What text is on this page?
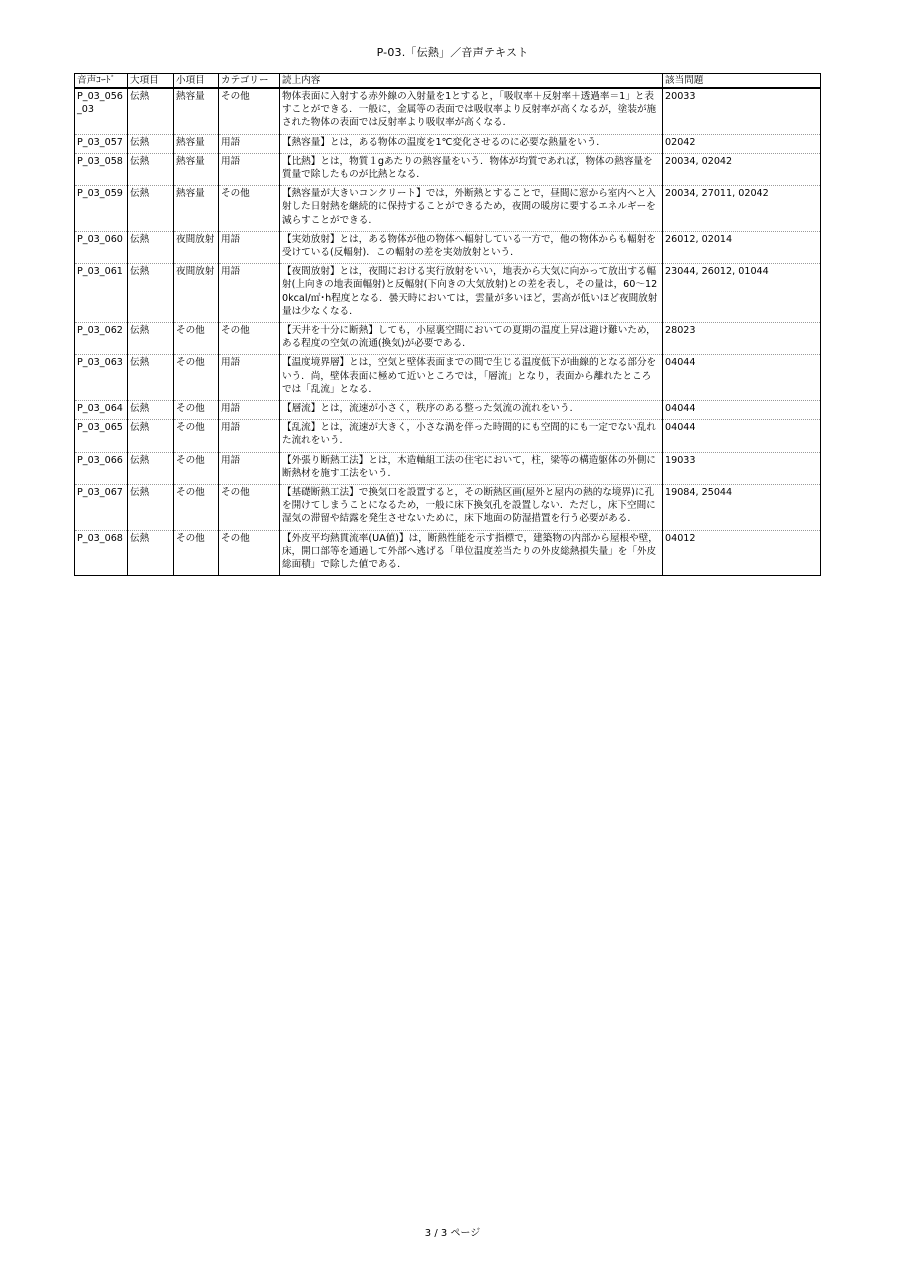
P-03.「伝熱」／音声テキスト
音声ｺｰﾄﾞ	大項目	小項目	カテゴリー	読上内容	該当問題
P_03_056_03	伝熱	熱容量	その他	物体表面に入射する赤外線の入射量を1とすると，「吸収率＋反射率＋透過率＝1」と表すことができる．一般に，金属等の表面では吸収率より反射率が高くなるが，塗装が施された物体の表面では反射率より吸収率が高くなる．	20033
P_03_057	伝熱	熱容量	用語	【熱容量】とは，ある物体の温度を1℃変化させるのに必要な熱量をいう．	02042
P_03_058	伝熱	熱容量	用語	【比熱】とは，物質１gあたりの熱容量をいう．物体が均質であれば，物体の熱容量を質量で除したものが比熱となる．	20034, 02042
P_03_059	伝熱	熱容量	その他	【熱容量が大きいコンクリート】では，外断熱とすることで，昼間に窓から室内へと入射した日射熱を継続的に保持することができるため，夜間の暖房に要するエネルギーを減らすことができる．	20034, 27011, 02042
P_03_060	伝熱	夜間放射	用語	【実効放射】とは，ある物体が他の物体へ輻射している一方で，他の物体からも輻射を受けている(反輻射)．この輻射の差を実効放射という．	26012, 02014
P_03_061	伝熱	夜間放射	用語	【夜間放射】とは，夜間における実行放射をいい，地表から大気に向かって放出する輻射(上向きの地表面輻射)と反輻射(下向きの大気放射)との差を表し，その量は，60〜120kcal/㎡･h程度となる．曇天時においては，雲量が多いほど，雲高が低いほど夜間放射量は少なくなる．	23044, 26012, 01044
P_03_062	伝熱	その他	その他	【天井を十分に断熱】しても，小屋裏空間においての夏期の温度上昇は避け難いため，ある程度の空気の流通(換気)が必要である．	28023
P_03_063	伝熱	その他	用語	【温度境界層】とは，空気と壁体表面までの間で生じる温度低下が曲線的となる部分をいう．尚，壁体表面に極めて近いところでは，「層流」となり，表面から離れたところでは「乱流」となる．	04044
P_03_064	伝熱	その他	用語	【層流】とは，流速が小さく，秩序のある整った気流の流れをいう．	04044
P_03_065	伝熱	その他	用語	【乱流】とは，流速が大きく，小さな渦を伴った時間的にも空間的にも一定でない乱れた流れをいう．	04044
P_03_066	伝熱	その他	用語	【外張り断熱工法】とは，木造軸組工法の住宅において，柱，梁等の構造躯体の外側に断熱材を施す工法をいう．	19033
P_03_067	伝熱	その他	その他	【基礎断熱工法】で換気口を設置すると，その断熱区画(屋外と屋内の熱的な境界)に孔を開けてしまうことになるため，一般に床下換気孔を設置しない．ただし，床下空間に湿気の滞留や結露を発生させないために，床下地面の防湿措置を行う必要がある．	19084, 25044
P_03_068	伝熱	その他	その他	【外皮平均熱貫流率(UA値)】は，断熱性能を示す指標で，建築物の内部から屋根や壁，床，開口部等を通過して外部へ逃げる「単位温度差当たりの外皮総熱損失量」を「外皮総面積」で除した値である．	04012
3 / 3 ページ
